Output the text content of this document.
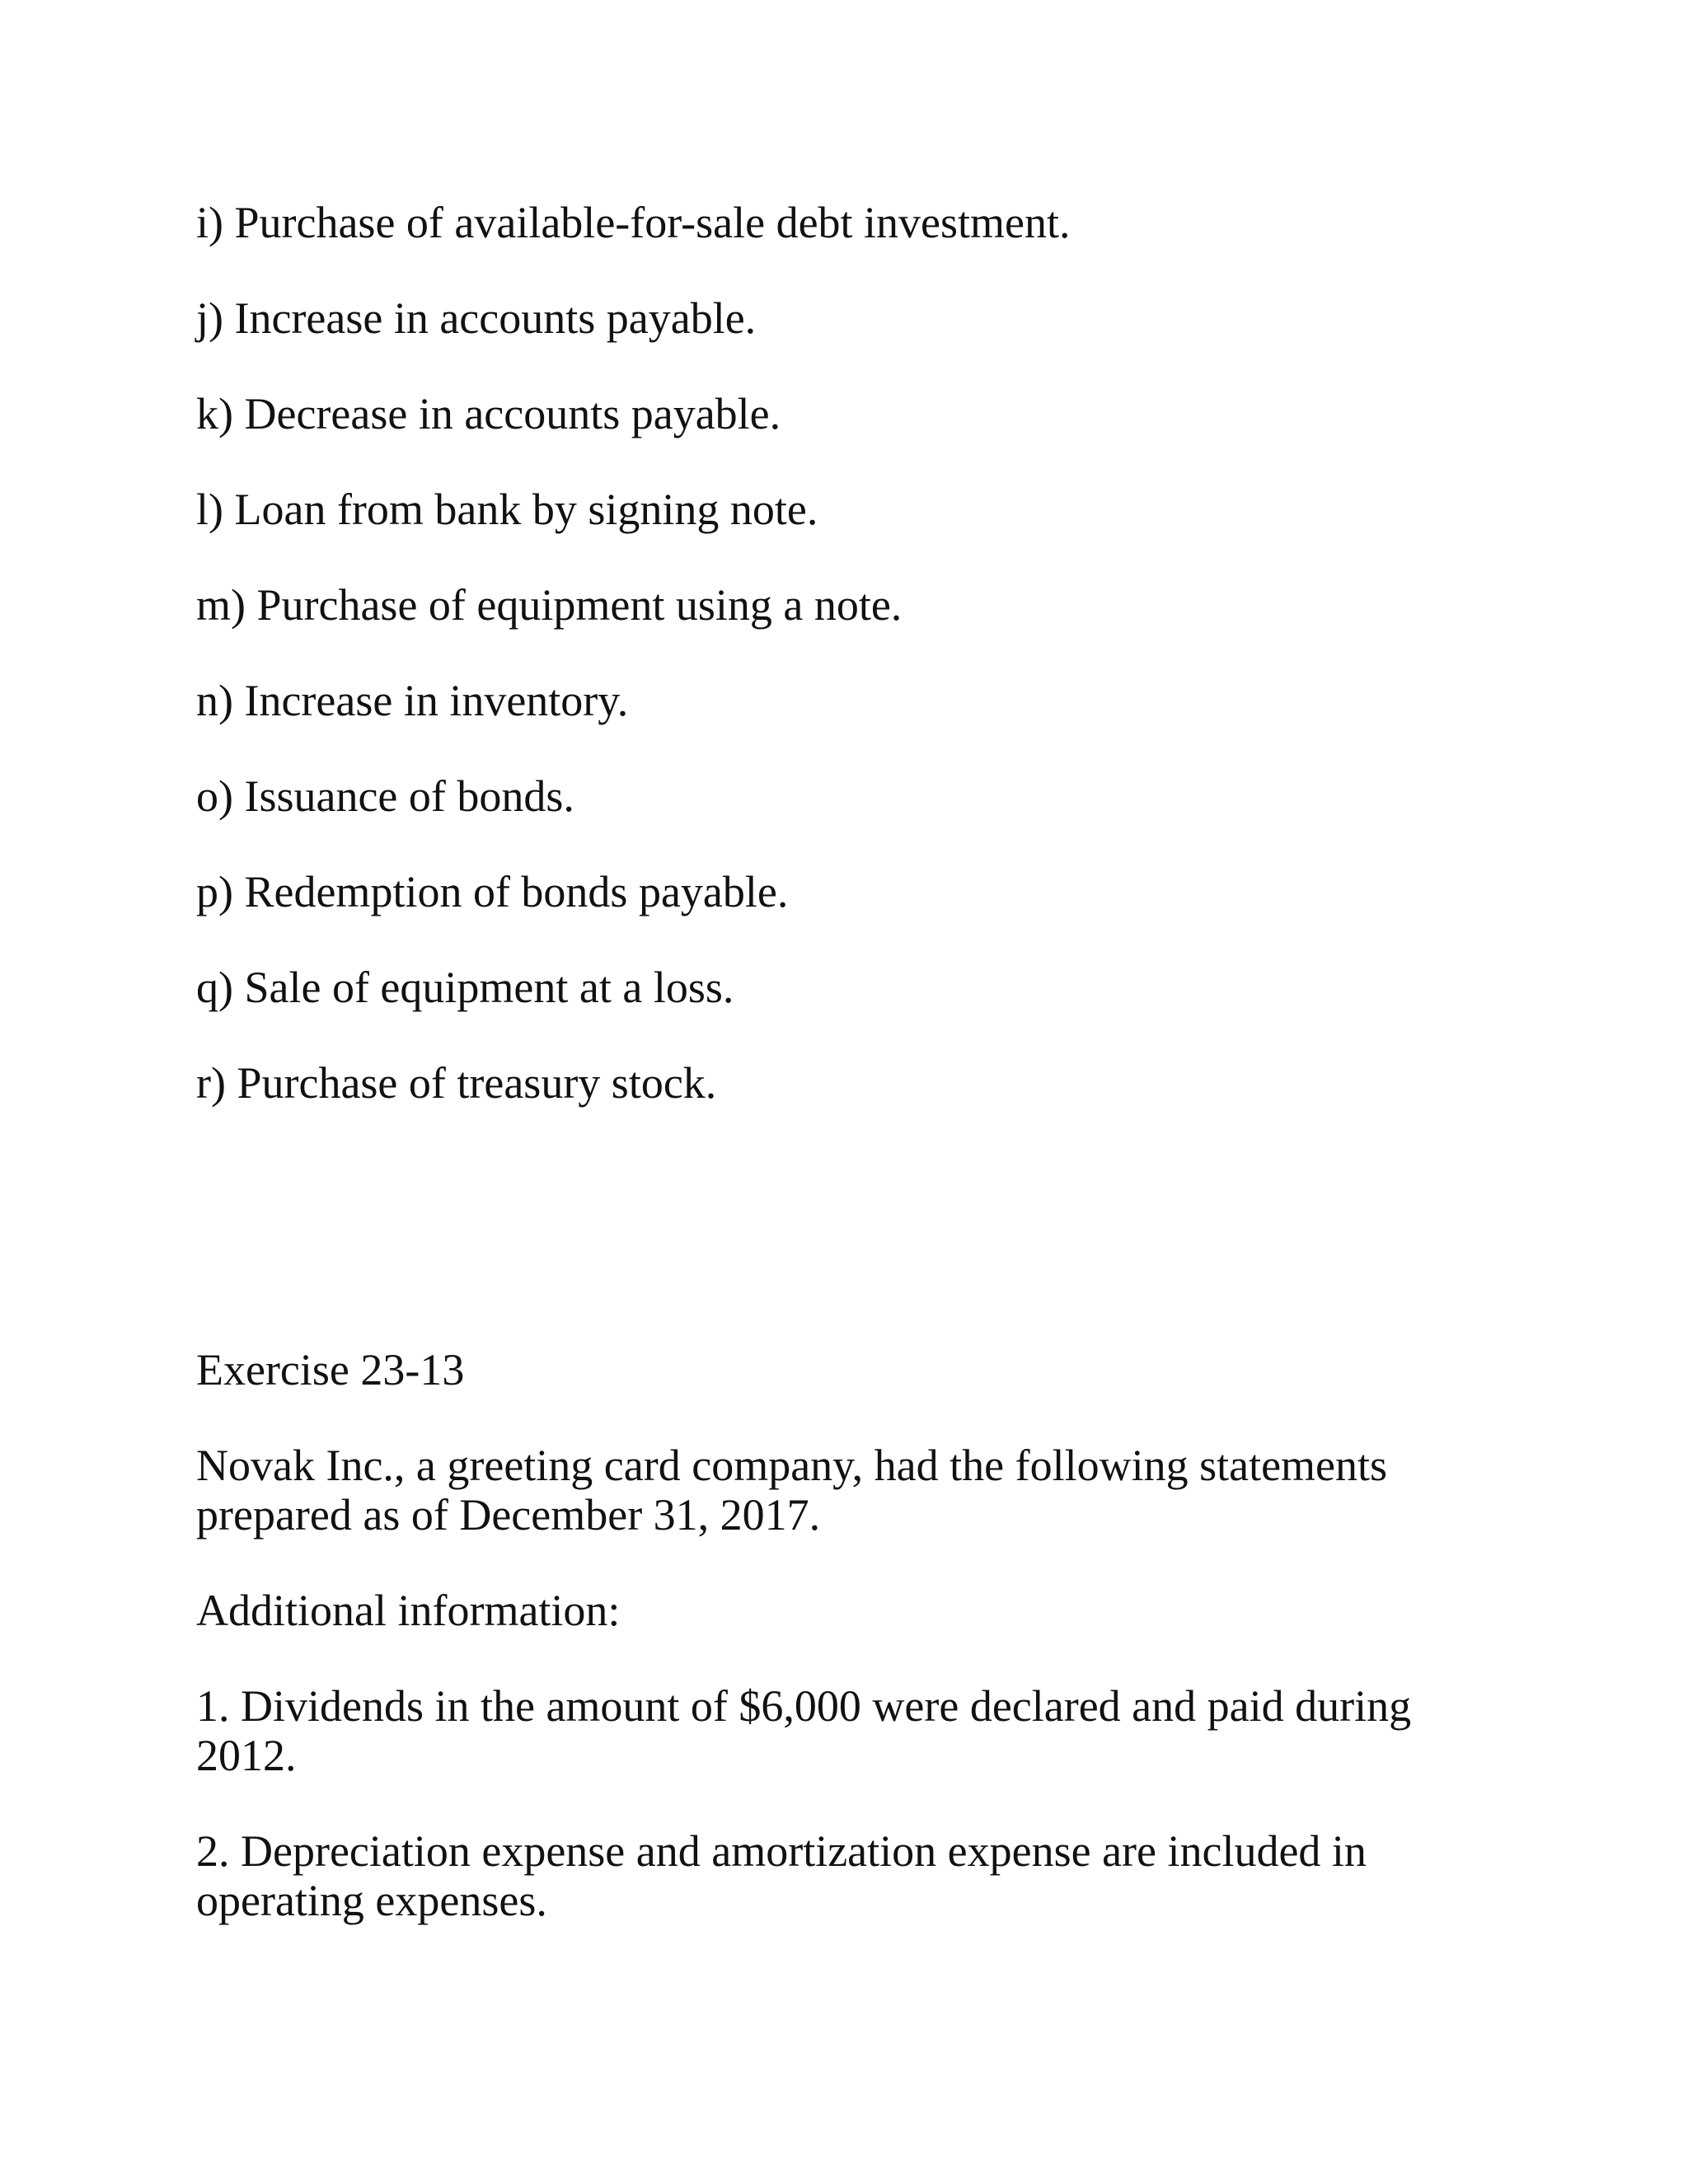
i) Purchase of available-for-sale debt investment.

j) Increase in accounts payable.

k) Decrease in accounts payable.

l) Loan from bank by signing note.

m) Purchase of equipment using a note.

n) Increase in inventory.

o) Issuance of bonds.

p) Redemption of bonds payable.

q) Sale of equipment at a loss.

r) Purchase of treasury stock.

Exercise 23-13

Novak Inc., a greeting card company, had the following statements

prepared as of December 31, 2017.

Additional information:

1. Dividends in the amount of $6,000 were declared and paid during

2012.

2. Depreciation expense and amortization expense are included in

operating expenses.
